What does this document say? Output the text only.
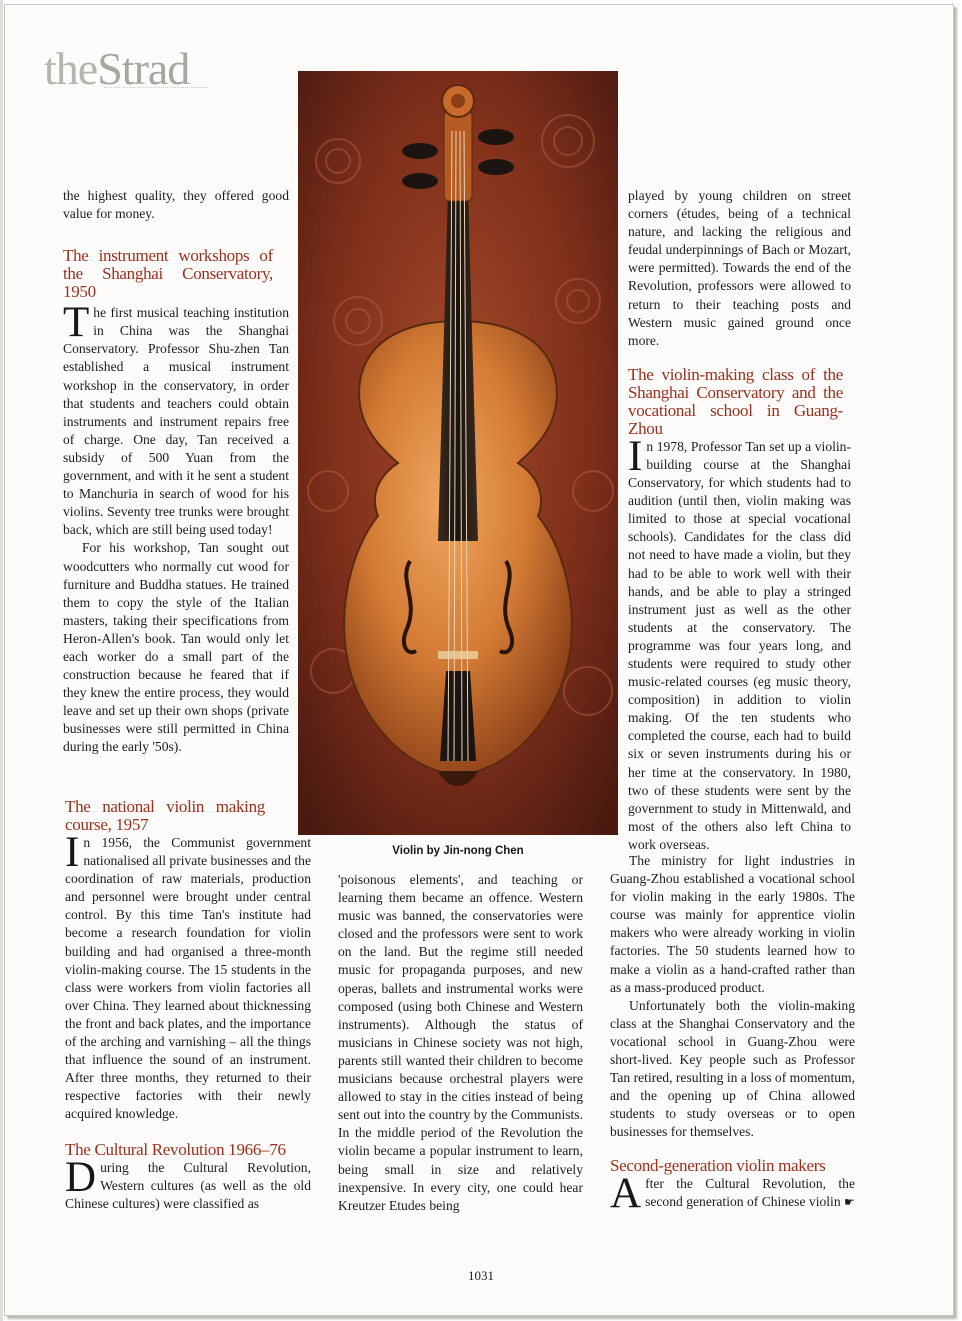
theStrad

the highest quality, they offered good value for money.

The instrument workshops of the Shanghai Conservatory, 1950

The first musical teaching institution in China was the Shanghai Conservatory. Professor Shu-zhen Tan established a musical instrument workshop in the conservatory, in order that students and teachers could obtain instruments and instrument repairs free of charge. One day, Tan received a subsidy of 500 Yuan from the government, and with it he sent a student to Manchuria in search of wood for his violins. Seventy tree trunks were brought back, which are still being used today!

For his workshop, Tan sought out woodcutters who normally cut wood for furniture and Buddha statues. He trained them to copy the style of the Italian masters, taking their specifications from Heron-Allen's book. Tan would only let each worker do a small part of the construction because he feared that if they knew the entire process, they would leave and set up their own shops (private businesses were still permitted in China during the early '50s).

The national violin making course, 1957

In 1956, the Communist government nationalised all private businesses and the coordination of raw materials, production and personnel were brought under central control. By this time Tan's institute had become a research foundation for violin building and had organised a three-month violin-making course. The 15 students in the class were workers from violin factories all over China. They learned about thicknessing the front and back plates, and the importance of the arching and varnishing – all the things that influence the sound of an instrument. After three months, they returned to their respective factories with their newly acquired knowledge.

The Cultural Revolution 1966–76

During the Cultural Revolution, Western cultures (as well as the old Chinese cultures) were classified as

Violin by Jin-nong Chen

'poisonous elements', and teaching or learning them became an offence. Western music was banned, the conservatories were closed and the professors were sent to work on the land. But the regime still needed music for propaganda purposes, and new operas, ballets and instrumental works were composed (using both Chinese and Western instruments). Although the status of musicians in Chinese society was not high, parents still wanted their children to become musicians because orchestral players were allowed to stay in the cities instead of being sent out into the country by the Communists. In the middle period of the Revolution the violin became a popular instrument to learn, being small in size and relatively inexpensive. In every city, one could hear Kreutzer Etudes being

played by young children on street corners (études, being of a technical nature, and lacking the religious and feudal underpinnings of Bach or Mozart, were permitted). Towards the end of the Revolution, professors were allowed to return to their teaching posts and Western music gained ground once more.

The violin-making class of the Shanghai Conservatory and the vocational school in Guang-Zhou

In 1978, Professor Tan set up a violin-building course at the Shanghai Conservatory, for which students had to audition (until then, violin making was limited to those at special vocational schools). Candidates for the class did not need to have made a violin, but they had to be able to work well with their hands, and be able to play a stringed instrument just as well as the other students at the conservatory. The programme was four years long, and students were required to study other music-related courses (eg music theory, composition) in addition to violin making. Of the ten students who completed the course, each had to build six or seven instruments during his or her time at the conservatory. In 1980, two of these students were sent by the government to study in Mittenwald, and most of the others also left China to work overseas.

The ministry for light industries in Guang-Zhou established a vocational school for violin making in the early 1980s. The course was mainly for apprentice violin makers who were already working in violin factories. The 50 students learned how to make a violin as a hand-crafted rather than as a mass-produced product.

Unfortunately both the violin-making class at the Shanghai Conservatory and the vocational school in Guang-Zhou were short-lived. Key people such as Professor Tan retired, resulting in a loss of momentum, and the opening up of China allowed students to study overseas or to open businesses for themselves.

Second-generation violin makers

After the Cultural Revolution, the second generation of Chinese violin ☛

1031
